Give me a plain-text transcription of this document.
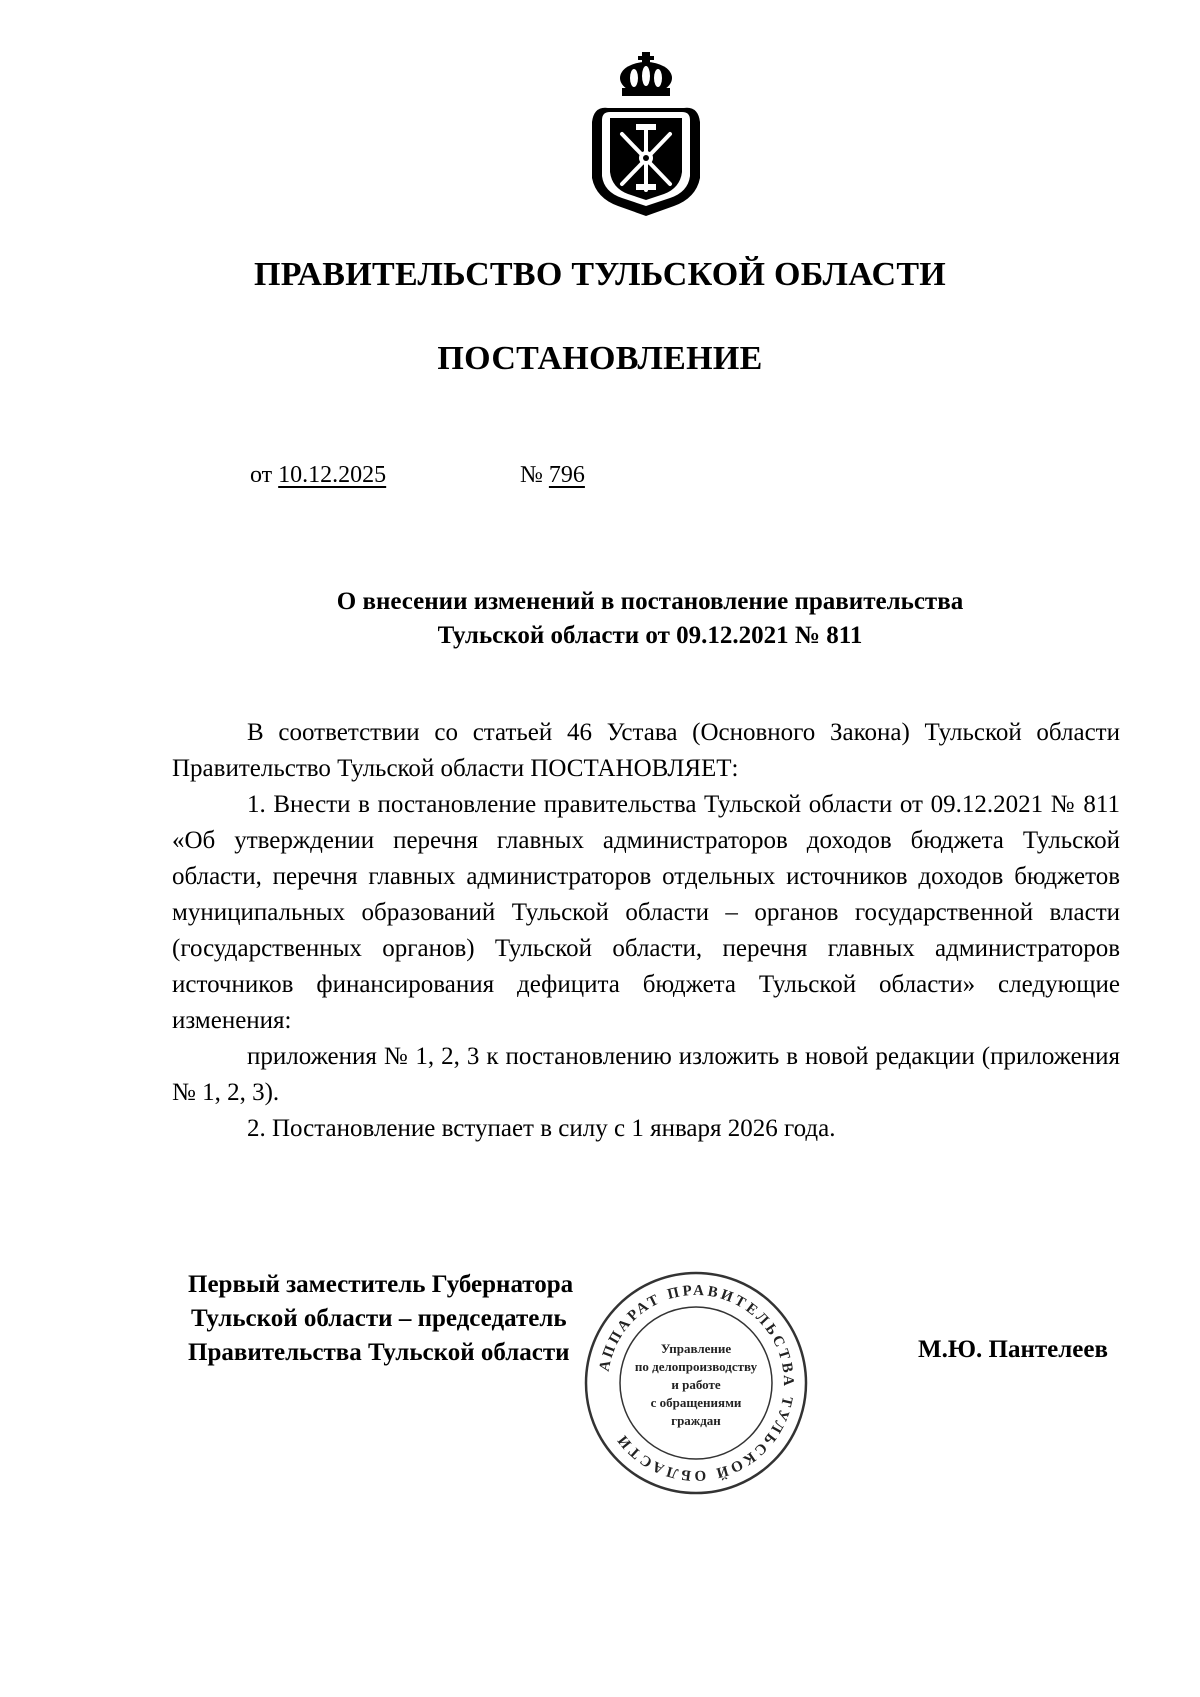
ПРАВИТЕЛЬСТВО ТУЛЬСКОЙ ОБЛАСТИ
ПОСТАНОВЛЕНИЕ
от 10.12.2025	№ 796
О внесении изменений в постановление правительства
Тульской области от 09.12.2021 № 811

В соответствии со статьей 46 Устава (Основного Закона) Тульской области Правительство Тульской области ПОСТАНОВЛЯЕТ:

1. Внести в постановление правительства Тульской области от 09.12.2021 № 811 «Об утверждении перечня главных администраторов доходов бюджета Тульской области, перечня главных администраторов отдельных источников доходов бюджетов муниципальных образований Тульской области – органов государственной власти (государственных органов) Тульской области, перечня главных администраторов источников финансирования дефицита бюджета Тульской области» следующие изменения:

приложения № 1, 2, 3 к постановлению изложить в новой редакции (приложения № 1, 2, 3).

2. Постановление вступает в силу с 1 января 2026 года.

АППАРАТ ПРАВИТЕЛЬСТВА ТУЛЬСКОЙ ОБЛАСТИ
Управление
по делопроизводству
и работе
с обращениями
граждан
Первый заместитель Губернатора
Тульской области – председатель
Правительства Тульской области	М.Ю. Пантелеев
